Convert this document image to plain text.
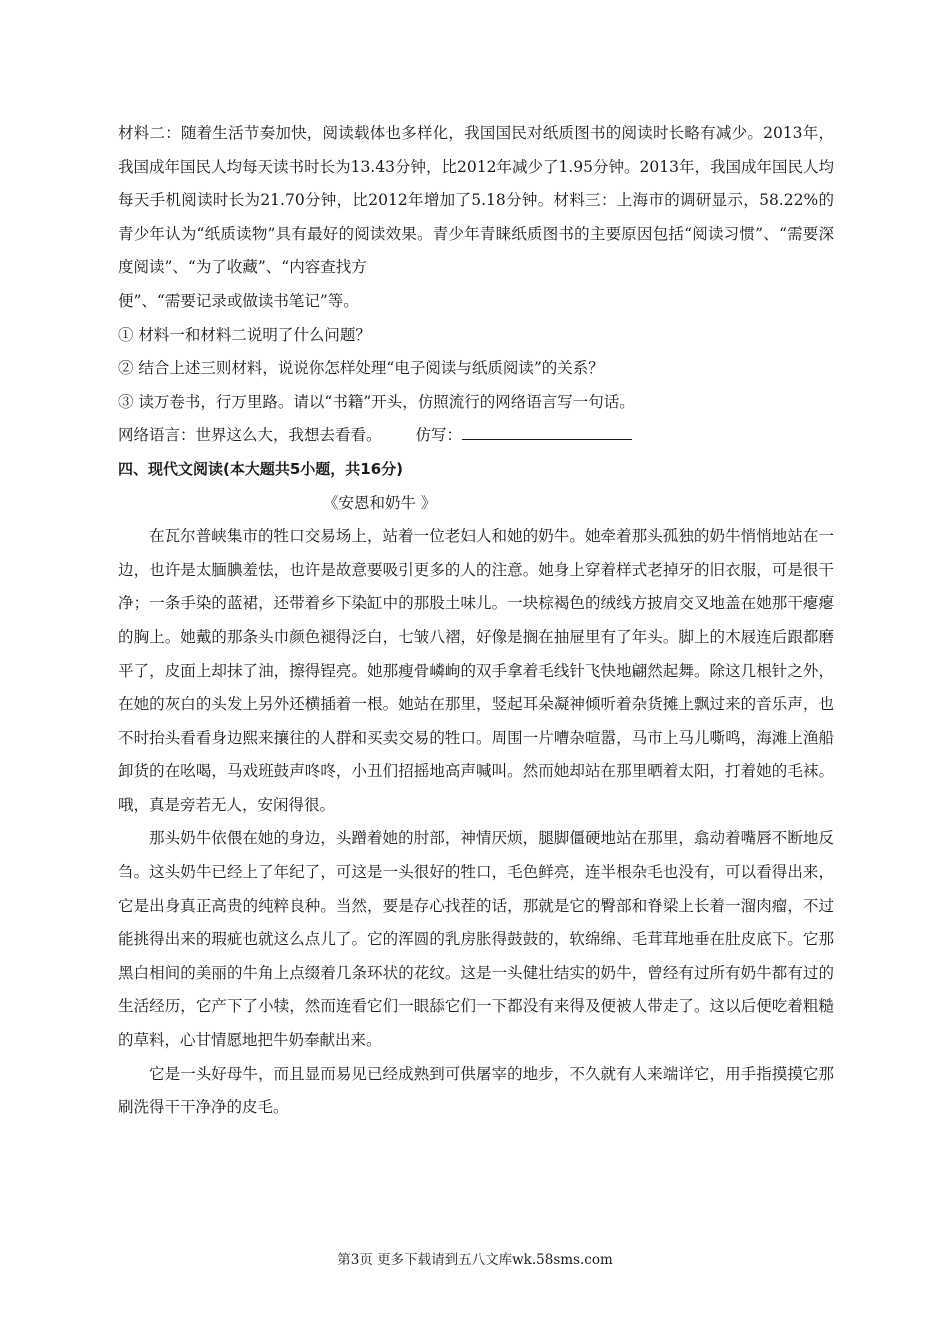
材料二：随着生活节奏加快，阅读载体也多样化，我国国民对纸质图书的阅读时长略有减少。2013年，我国成年国民人均每天读书时长为13.43分钟，比2012年减少了1.95分钟。2013年，我国成年国民人均每天手机阅读时长为21.70分钟，比2012年增加了5.18分钟。材料三：上海市的调研显示，58.22%的青少年认为“纸质读物”具有最好的阅读效果。青少年青睐纸质图书的主要原因包括“阅读习惯”、“需要深度阅读”、“为了收藏”、“内容查找方

便”、“需要记录或做读书笔记”等。

① 材料一和材料二说明了什么问题？

② 结合上述三则材料，说说你怎样处理“电子阅读与纸质阅读”的关系？

③ 读万卷书，行万里路。请以“书籍”开头，仿照流行的网络语言写一句话。

网络语言：世界这么大，我想去看看。 仿写：

四、现代文阅读(本大题共5小题，共16分)

《安恩和奶牛 》

在瓦尔普峡集市的牲口交易场上，站着一位老妇人和她的奶牛。她牵着那头孤独的奶牛悄悄地站在一边，也许是太腼腆羞怯，也许是故意要吸引更多的人的注意。她身上穿着样式老掉牙的旧衣服，可是很干净；一条手染的蓝裙，还带着乡下染缸中的那股土味儿。一块棕褐色的绒线方披肩交叉地盖在她那干瘪瘪的胸上。她戴的那条头巾颜色褪得泛白，七皱八褶，好像是搁在抽屉里有了年头。脚上的木屐连后跟都磨平了，皮面上却抹了油，擦得锃亮。她那瘦骨嶙峋的双手拿着毛线针飞快地翩然起舞。除这几根针之外，在她的灰白的头发上另外还横插着一根。她站在那里，竖起耳朵凝神倾听着杂货摊上飘过来的音乐声，也不时抬头看看身边熙来攘往的人群和买卖交易的牲口。周围一片嘈杂喧嚣，马市上马儿嘶鸣，海滩上渔船卸货的在吆喝，马戏班鼓声咚咚，小丑们招摇地高声喊叫。然而她却站在那里晒着太阳，打着她的毛袜。哦，真是旁若无人，安闲得很。

那头奶牛依偎在她的身边，头蹭着她的肘部，神情厌烦，腿脚僵硬地站在那里，翕动着嘴唇不断地反刍。这头奶牛已经上了年纪了，可这是一头很好的牲口，毛色鲜亮，连半根杂毛也没有，可以看得出来，它是出身真正高贵的纯粹良种。当然，要是存心找茬的话，那就是它的臀部和脊梁上长着一溜肉瘤，不过能挑得出来的瑕疵也就这么点儿了。它的浑圆的乳房胀得鼓鼓的，软绵绵、毛茸茸地垂在肚皮底下。它那黑白相间的美丽的牛角上点缀着几条环状的花纹。这是一头健壮结实的奶牛，曾经有过所有奶牛都有过的生活经历，它产下了小犊，然而连看它们一眼舔它们一下都没有来得及便被人带走了。这以后便吃着粗糙的草料，心甘情愿地把牛奶奉献出来。

它是一头好母牛，而且显而易见已经成熟到可供屠宰的地步，不久就有人来端详它，用手指摸摸它那刷洗得干干净净的皮毛。

第3页 更多下载请到五八文库wk.58sms.com
